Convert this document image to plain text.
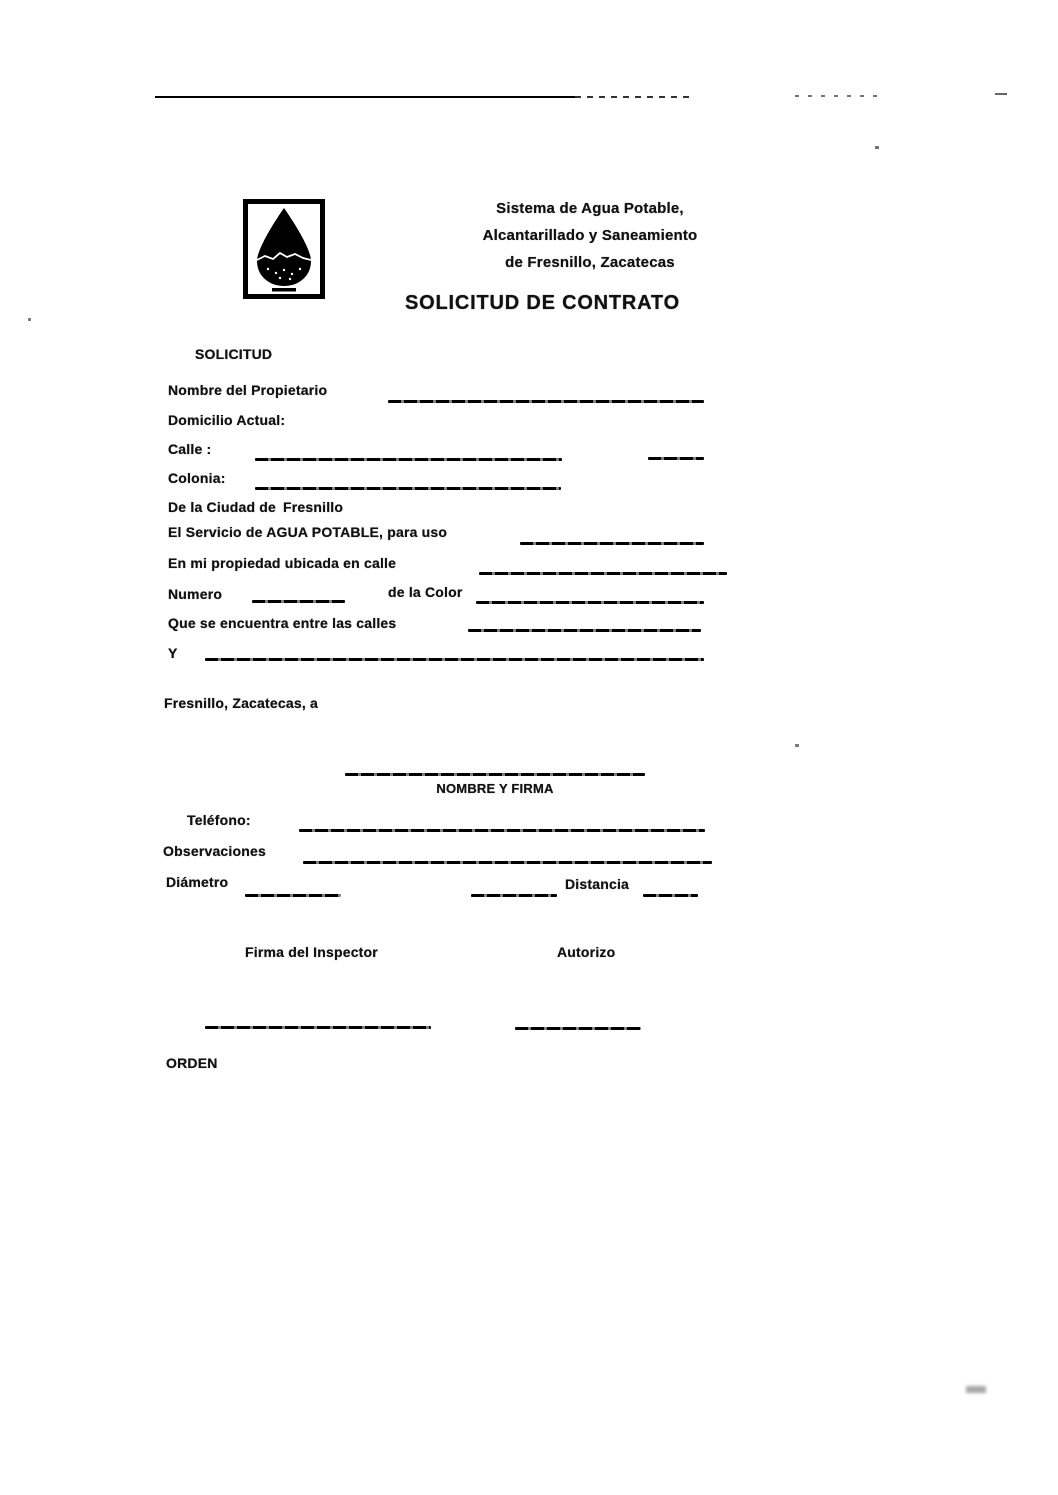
Sistema de Agua Potable,
Alcantarillado y Saneamiento
de Fresnillo, Zacatecas
SOLICITUD DE CONTRATO
SOLICITUD
Nombre del Propietario
Domicilio Actual:
Calle :
Colonia:
De la Ciudad de Fresnillo
El Servicio de AGUA POTABLE, para uso
En mi propiedad ubicada en calle
Numero	de la Color
Que se encuentra entre las calles
Y
Fresnillo, Zacatecas, a
NOMBRE Y FIRMA
Teléfono:
Observaciones
Diámetro	Distancia
Firma del Inspector	Autorizo
ORDEN
